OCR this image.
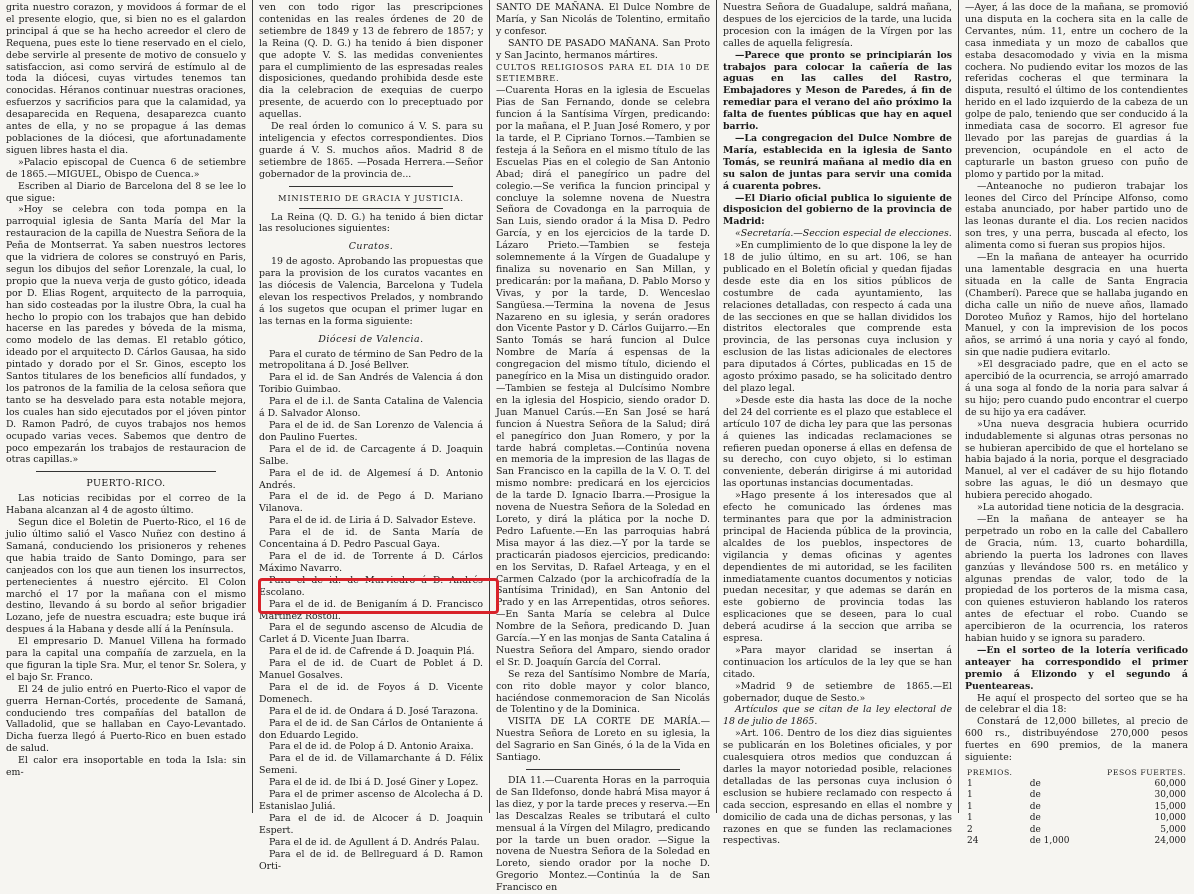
grita nuestro corazon, y movidoos á formar de el el presente elogio, que, si bien no es el galardon principal á que se ha hecho acreedor el clero de Requena, pues este lo tiene reservado en el cielo, debe servirle al presente de motivo de consuelo y satisfaccion, asi como servirá de estímulo al de toda la diócesi, cuyas virtudes tenemos tan conocidas. Héranos continuar nuestras oraciones, esfuerzos y sacrificios para que la calamidad, ya desaparecida en Requena, desaparezca cuanto antes de ella, y no se propague á las demas poblaciones de la diócesi, que afortunadamente siguen libres hasta el dia.

»Palacio episcopal de Cuenca 6 de setiembre de 1865.—MIGUEL, Obispo de Cuenca.»

Escriben al Diario de Barcelona del 8 se lee lo que sigue:

»Hoy se celebra con toda pompa en la parroquial iglesia de Santa María del Mar la restauracion de la capilla de Nuestra Señora de la Peña de Montserrat. Ya saben nuestros lectores que la vidriera de colores se construyó en Paris, segun los dibujos del señor Lorenzale, la cual, lo propio que la nueva verja de gusto gótico, ideada por D. Elias Rogent, arquitecto de la parroquia, han sido costeadas por la ilustre Obra, la cual ha hecho lo propio con los trabajos que han debido hacerse en las paredes y bóveda de la misma, como modelo de las demas. El retablo gótico, ideado por el arquitecto D. Cárlos Gausaa, ha sido pintado y dorado por el Sr. Ginos, escepto los Santos titulares de los beneficios allí fundados, y los patronos de la familia de la celosa señora que tanto se ha desvelado para esta notable mejora, los cuales han sido ejecutados por el jóven pintor D. Ramon Padró, de cuyos trabajos nos hemos ocupado varias veces. Sabemos que dentro de poco empezarán los trabajos de restauracion de otras capillas.»

PUERTO-RICO.

Las noticias recibidas por el correo de la Habana alcanzan al 4 de agosto último.

Segun dice el Boletin de Puerto-Rico, el 16 de julio último salió el Vasco Nuñez con destino á Samaná, conduciendo los prisioneros y rehenes que habia traido de Santo Domingo, para ser canjeados con los que aun tienen los insurrectos, pertenecientes á nuestro ejército. El Colon marchó el 17 por la mañana con el mismo destino, llevando á su bordo al señor brigadier Lozano, jefe de nuestra escuadra; este buque irá despues á la Habana y desde allí á la Península.

El empresario D. Manuel Villena ha formado para la capital una compañía de zarzuela, en la que figuran la tiple Sra. Mur, el tenor Sr. Solera, y el bajo Sr. Franco.

El 24 de julio entró en Puerto-Rico el vapor de guerra Hernan-Cortés, procedente de Samaná, conduciendo tres compañías del batallon de Valladolid, que se hallaban en Cayo-Levantado. Dicha fuerza llegó á Puerto-Rico en buen estado de salud.

El calor era insoportable en toda la Isla: sin em-

ven con todo rigor las prescripciones contenidas en las reales órdenes de 20 de setiembre de 1849 y 13 de febrero de 1857; y la Reina (Q. D. G.) ha tenido á bien disponer que adopte V. S. las medidas convenientes para el cumplimiento de las espresadas reales disposiciones, quedando prohibida desde este dia la celebracion de exequias de cuerpo presente, de acuerdo con lo preceptuado por aquellas.

De real órden lo comunico á V. S. para su inteligencia y efectos correspondientes. Dios guarde á V. S. muchos años. Madrid 8 de setiembre de 1865. —Posada Herrera.—Señor gobernador de la provincia de...

MINISTERIO DE GRACIA Y JUSTICIA.

La Reina (Q. D. G.) ha tenido á bien dictar las resoluciones siguientes:

Curatos.

19 de agosto. Aprobando las propuestas que para la provision de los curatos vacantes en las diócesis de Valencia, Barcelona y Tudela elevan los respectivos Prelados, y nombrando á los sugetos que ocupan el primer lugar en las ternas en la forma siguiente:

Diócesi de Valencia.

Para el curato de término de San Pedro de la metropolitana á D. José Bellver.

Para el id. de San Andrés de Valencia á don Toribio Guimbao.

Para el de i.l. de Santa Catalina de Valencia á D. Salvador Alonso.

Para el de id. de San Lorenzo de Valencia á don Paulino Fuertes.

Para el de id. de Carcagente á D. Joaquin Salbe.

Para el de id. de Algemesí á D. Antonio Andrés.

Para el de id. de Pego á D. Mariano Vilanova.

Para el de id. de Liria á D. Salvador Esteve.

Para el de id. de Santa María de Concentaina á D. Pedro Pascual Gaya.

Para el de id. de Torrente á D. Cárlos Máximo Navarro.

Para el de id. de Murviedro á D. Andrés Escolano.

Para el de id. de Beniganím á D. Francisco Martinez Rostoll.

Para el de segundo ascenso de Alcudia de Carlet á D. Vicente Juan Ibarra.

Para el de id. de Cafrende á D. Joaquin Plá.

Para el de id. de Cuart de Poblet á D. Manuel Gosalves.

Para el de id. de Foyos á D. Vicente Domenech.

Para el de id. de Ondara á D. José Tarazona.

Para el de id. de San Cárlos de Ontaniente á don Eduardo Legido.

Para el de id. de Polop á D. Antonio Araixa.

Para el de id. de Villamarchante á D. Félix Semeni.

Para el de id. de Ibi á D. José Giner y Lopez.

Para el de primer ascenso de Alcolecha á D. Estanislao Juliá.

Para el de id. de Alcocer á D. Joaquin Espert.

Para el de id. de Agullent á D. Andrés Palau.

Para el de id. de Bellreguard á D. Ramon Orti-

SANTO DE MAÑANA. El Dulce Nombre de María, y San Nicolás de Tolentino, ermitaño y confesor.

SANTO DE PASADO MAÑANA. San Proto y San Jacinto, hermanos mártires.

CULTOS RELIGIOSOS PARA EL DIA 10 DE SETIEMBRE.

—Cuarenta Horas en la iglesia de Escuelas Pias de San Fernando, donde se celebra funcion á la Santísima Vírgen, predicando: por la mañana, el P. Juan José Romero, y por la tarde, el P. Cipriano Tornos.—Tambien se festeja á la Señora en el mismo título de las Escuelas Pias en el colegio de San Antonio Abad; dirá el panegírico un padre del colegio.—Se verifica la funcion principal y concluye la solemne novena de Nuestra Señora de Covadonga en la parroquia de San Luis, siendo orador á la Misa D. Pedro García, y en los ejercicios de la tarde D. Lázaro Prieto.—Tambien se festeja solemnemente á la Vírgen de Guadalupe y finaliza su novenario en San Millan, y predicarán: por la mañana, D. Pablo Morso y Vivas, y por la tarde, D. Wenceslao Sangüesa.—Termina la novena de Jesus Nazareno en su iglesia, y serán oradores don Vicente Pastor y D. Cárlos Guijarro.—En Santo Tomás se hará funcion al Dulce Nombre de María á espensas de la congregacion del mismo título, diciendo el panegírico en la Misa un distinguido orador.—Tambien se festeja al Dulcísimo Nombre en la iglesia del Hospicio, siendo orador D. Juan Manuel Carús.—En San José se hará funcion á Nuestra Señora de la Salud; dirá el panegírico don Juan Romero, y por la tarde habrá completas.—Continúa novena en memoria de la impresion de las llagas de San Francisco en la capilla de la V. O. T. del mismo nombre: predicará en los ejercicios de la tarde D. Ignacio Ibarra.—Prosigue la novena de Nuestra Señora de la Soledad en Loreto, y dirá la plática por la noche D. Pedro Lafuente.—En las parroquias habrá Misa mayor á las diez.—Y por la tarde se practicarán piadosos ejercicios, predicando: en los Servitas, D. Rafael Arteaga, y en el Carmen Calzado (por la archicofradía de la Santísima Trinidad), en San Antonio del Prado y en las Arrepentidas, otros señores.—En Santa María se celebra al Dulce Nombre de la Señora, predicando D. Juan García.—Y en las monjas de Santa Catalina á Nuestra Señora del Amparo, siendo orador el Sr. D. Joaquín García del Corral.

Se reza del Santísimo Nombre de María, con rito doble mayor y color blanco, haciéndose conmemoracion de San Nicolás de Tolentino y de la Dominica.

VISITA DE LA CORTE DE MARÍA.—Nuestra Señora de Loreto en su iglesia, la del Sagrario en San Ginés, ó la de la Vida en Santiago.

DIA 11.—Cuarenta Horas en la parroquia de San Ildefonso, donde habrá Misa mayor á las diez, y por la tarde preces y reserva.—En las Descalzas Reales se tributará el culto mensual á la Vírgen del Milagro, predicando por la tarde un buen orador. —Sigue la novena de Nuestra Señora de la Soledad en Loreto, siendo orador por la noche D. Gregorio Montez.—Continúa la de San Francisco en

Nuestra Señora de Guadalupe, saldrá mañana, despues de los ejercicios de la tarde, una lucida procesion con la imágen de la Vírgen por las calles de aquella feligresía.

—Parece que pronto se principiarán los trabajos para colocar la cañería de las aguas en las calles del Rastro, Embajadores y Meson de Paredes, á fin de remediar para el verano del año próximo la falta de fuentes públicas que hay en aquel barrio.

—La congregacion del Dulce Nombre de María, establecida en la iglesia de Santo Tomás, se reunirá mañana al medio dia en su salon de juntas para servir una comida á cuarenta pobres.

—El Diario oficial publica lo siguiente de disposicion del gobierno de la provincia de Madrid:

«Secretaría.—Seccion especial de elecciones.

»En cumplimiento de lo que dispone la ley de 18 de julio último, en su art. 106, se han publicado en el Boletín oficial y quedan fijadas desde este dia en los sitios públicos de costumbre de cada ayuntamiento, las relaciones detalladas, con respecto á cada una de las secciones en que se hallan divididos los distritos electorales que comprende esta provincia, de las personas cuya inclusion y esclusion de las listas adicionales de electores para diputados á Córtes, publicadas en 15 de agosto próximo pasado, se ha solicitado dentro del plazo legal.

»Desde este dia hasta las doce de la noche del 24 del corriente es el plazo que establece el artículo 107 de dicha ley para que las personas á quienes las indicadas reclamaciones se refieren puedan oponerse á ellas en defensa de su derecho, con cuyo objeto, si lo estiman conveniente, deberán dirigirse á mi autoridad las oportunas instancias documentadas.

»Hago presente á los interesados que al efecto he comunicado las órdenes mas terminantes para que por la administracion principal de Hacienda pública de la provincia, alcaldes de los pueblos, inspectores de vigilancia y demas oficinas y agentes dependientes de mi autoridad, se les faciliten inmediatamente cuantos documentos y noticias puedan necesitar, y que ademas se darán en este gobierno de provincia todas las esplicaciones que se deseen, para lo cual deberá acudirse á la seccion que arriba se espresa.

»Para mayor claridad se insertan á continuacion los artículos de la ley que se han citado.

»Madrid 9 de setiembre de 1865.—El gobernador, duque de Sesto.»

Artículos que se citan de la ley electoral de 18 de julio de 1865.

»Art. 106. Dentro de los diez dias siguientes se publicarán en los Boletines oficiales, y por cualesquiera otros medios que conduzcan á darles la mayor notoriedad posible, relaciones detalladas de las personas cuya inclusion ó esclusion se hubiere reclamado con respecto á cada seccion, espresando en ellas el nombre y domicilio de cada una de dichas personas, y las razones en que se funden las reclamaciones respectivas.

—Ayer, á las doce de la mañana, se promovió una disputa en la cochera sita en la calle de Cervantes, núm. 11, entre un cochero de la casa inmediata y un mozo de caballos que estaba desacomodado y vivia en la misma cochera. No pudiendo evitar los mozos de las referidas cocheras el que terminara la disputa, resultó el último de los contendientes herido en el lado izquierdo de la cabeza de un golpe de palo, teniendo que ser conducido á la inmediata casa de socorro. El agresor fue llevado por las parejas de guardias á la prevencion, ocupándole en el acto de capturarle un baston grueso con puño de plomo y partido por la mitad.

—Anteanoche no pudieron trabajar los leones del Circo del Príncipe Alfonso, como estaba anunciado, por haber partido uno de las leonas durante el dia. Los recien nacidos son tres, y una perra, buscada al efecto, los alimenta como si fueran sus propios hijos.

—En la mañana de anteayer ha ocurrido una lamentable desgracia en una huerta situada en la calle de Santa Engracia (Chamberí). Parece que se hallaba jugando en dicha calle un niño de nueve años, llamado Doroteo Muñoz y Ramos, hijo del hortelano Manuel, y con la imprevision de los pocos años, se arrimó á una noria y cayó al fondo, sin que nadie pudiera evitarlo.

»El desgraciado padre, que en el acto se apercibió de la ocurrencia, se arrojó amarrado á una soga al fondo de la noria para salvar á su hijo; pero cuando pudo encontrar el cuerpo de su hijo ya era cadáver.

»Una nueva desgracia hubiera ocurrido indudablemente si algunas otras personas no se hubieran apercibido de que el hortelano se habia bajado á la noria, porque el desgraciado Manuel, al ver el cadáver de su hijo flotando sobre las aguas, le dió un desmayo que hubiera perecido ahogado.

»La autoridad tiene noticia de la desgracia.

—En la mañana de anteayer se ha perpetrado un robo en la calle del Caballero de Gracia, núm. 13, cuarto bohardilla, abriendo la puerta los ladrones con llaves ganzúas y llevándose 500 rs. en metálico y algunas prendas de valor, todo de la propiedad de los porteros de la misma casa, con quienes estuvieron hablando los rateros antes de efectuar el robo. Cuando se apercibieron de la ocurrencia, los rateros habian huido y se ignora su paradero.

—En el sorteo de la lotería verificado anteayer ha correspondido el primer premio á Elizondo y el segundo á Puenteareas.

He aquí el prospecto del sorteo que se ha de celebrar el dia 18:

Constará de 12,000 billetes, al precio de 600 rs., distribuyéndose 270,000 pesos fuertes en 690 premios, de la manera siguiente:

PREMIOS.		PESOS FUERTES.
1	de	60,000
1	de	30,000
1	de	15,000
1	de	10,000
2	de	5,000
24	de 1,000	24,000
